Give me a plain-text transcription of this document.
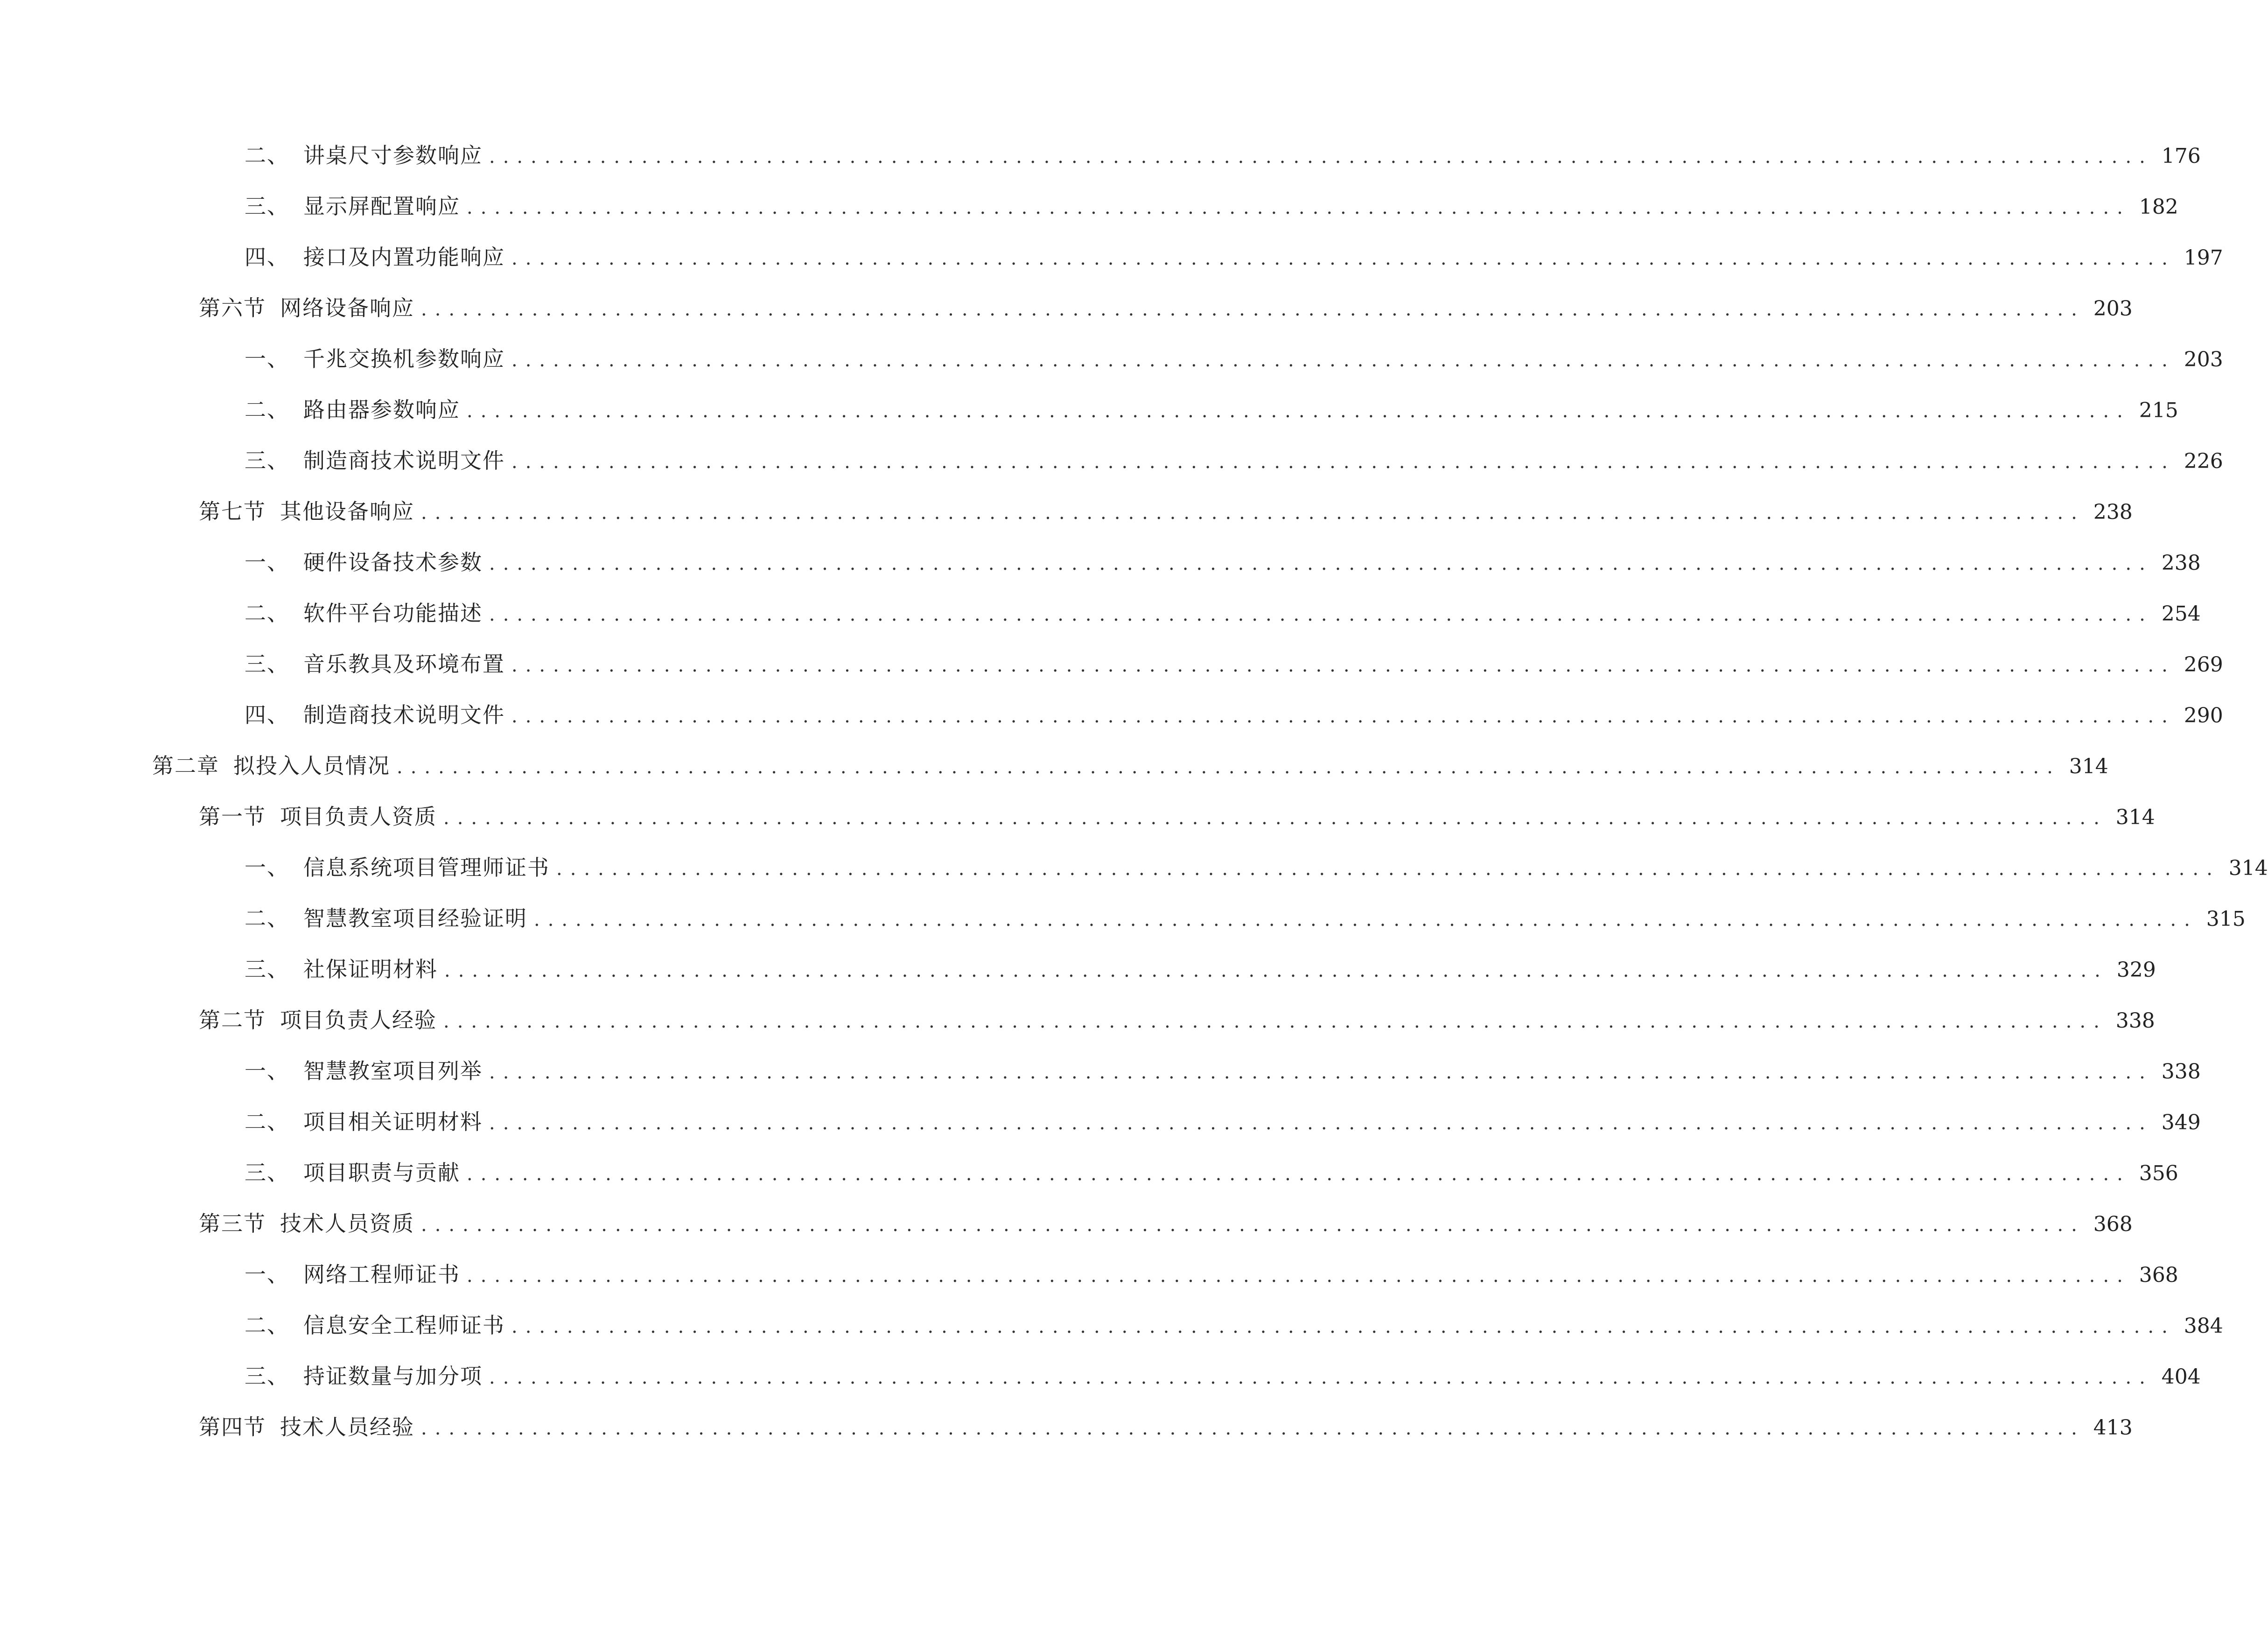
二、 讲桌尺寸参数响应 ........................................................................................................................ 176
三、 显示屏配置响应 ........................................................................................................................ 182
四、 接口及内置功能响应 ........................................................................................................................ 197
第六节 网络设备响应 ........................................................................................................................ 203
一、 千兆交换机参数响应 ........................................................................................................................ 203
二、 路由器参数响应 ........................................................................................................................ 215
三、 制造商技术说明文件 ........................................................................................................................ 226
第七节 其他设备响应 ........................................................................................................................ 238
一、 硬件设备技术参数 ........................................................................................................................ 238
二、 软件平台功能描述 ........................................................................................................................ 254
三、 音乐教具及环境布置 ........................................................................................................................ 269
四、 制造商技术说明文件 ........................................................................................................................ 290
第二章 拟投入人员情况 ........................................................................................................................ 314
第一节 项目负责人资质 ........................................................................................................................ 314
一、 信息系统项目管理师证书 ........................................................................................................................ 314
二、 智慧教室项目经验证明 ........................................................................................................................ 315
三、 社保证明材料 ........................................................................................................................ 329
第二节 项目负责人经验 ........................................................................................................................ 338
一、 智慧教室项目列举 ........................................................................................................................ 338
二、 项目相关证明材料 ........................................................................................................................ 349
三、 项目职责与贡献 ........................................................................................................................ 356
第三节 技术人员资质 ........................................................................................................................ 368
一、 网络工程师证书 ........................................................................................................................ 368
二、 信息安全工程师证书 ........................................................................................................................ 384
三、 持证数量与加分项 ........................................................................................................................ 404
第四节 技术人员经验 ........................................................................................................................ 413
